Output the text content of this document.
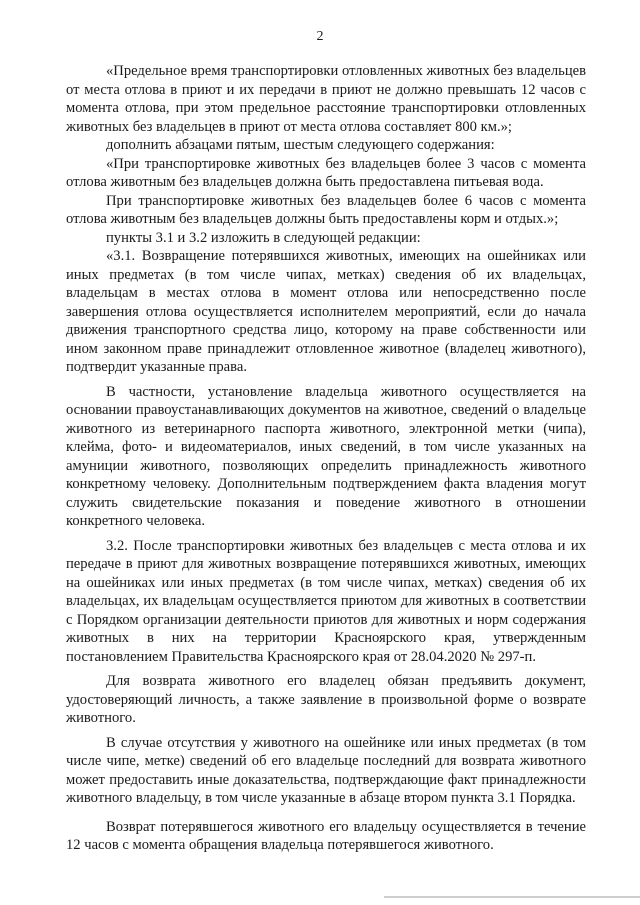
2

«Предельное время транспортировки отловленных животных без владельцев от места отлова в приют и их передачи в приют не должно превышать 12 часов с момента отлова, при этом предельное расстояние транспортировки отловленных животных без владельцев в приют от места отлова составляет 800 км.»;

дополнить абзацами пятым, шестым следующего содержания:

«При транспортировке животных без владельцев более 3 часов с момента отлова животным без владельцев должна быть предоставлена питьевая вода.

При транспортировке животных без владельцев более 6 часов с момента отлова животным без владельцев должны быть предоставлены корм и отдых.»;

пункты 3.1 и 3.2 изложить в следующей редакции:

«3.1. Возвращение потерявшихся животных, имеющих на ошейниках или иных предметах (в том числе чипах, метках) сведения об их владельцах, владельцам в местах отлова в момент отлова или непосредственно после завершения отлова осуществляется исполнителем мероприятий, если до начала движения транспортного средства лицо, которому на праве собственности или ином законном праве принадлежит отловленное животное (владелец животного), подтвердит указанные права.

В частности, установление владельца животного осуществляется на основании правоустанавливающих документов на животное, сведений о владельце животного из ветеринарного паспорта животного, электронной метки (чипа), клейма, фото- и видеоматериалов, иных сведений, в том числе указанных на амуниции животного, позволяющих определить принадлежность животного конкретному человеку. Дополнительным подтверждением факта владения могут служить свидетельские показания и поведение животного в отношении конкретного человека.

3.2. После транспортировки животных без владельцев с места отлова и их передаче в приют для животных возвращение потерявшихся животных, имеющих на ошейниках или иных предметах (в том числе чипах, метках) сведения об их владельцах, их владельцам осуществляется приютом для животных в соответствии с Порядком организации деятельности приютов для животных и норм содержания животных в них на территории Красноярского края, утвержденным постановлением Правительства Красноярского края от 28.04.2020 № 297-п.

Для возврата животного его владелец обязан предъявить документ, удостоверяющий личность, а также заявление в произвольной форме о возврате животного.

В случае отсутствия у животного на ошейнике или иных предметах (в том числе чипе, метке) сведений об его владельце последний для возврата животного может предоставить иные доказательства, подтверждающие факт принадлежности животного владельцу, в том числе указанные в абзаце втором пункта 3.1 Порядка.

Возврат потерявшегося животного его владельцу осуществляется в течение 12 часов с момента обращения владельца потерявшегося животного.
